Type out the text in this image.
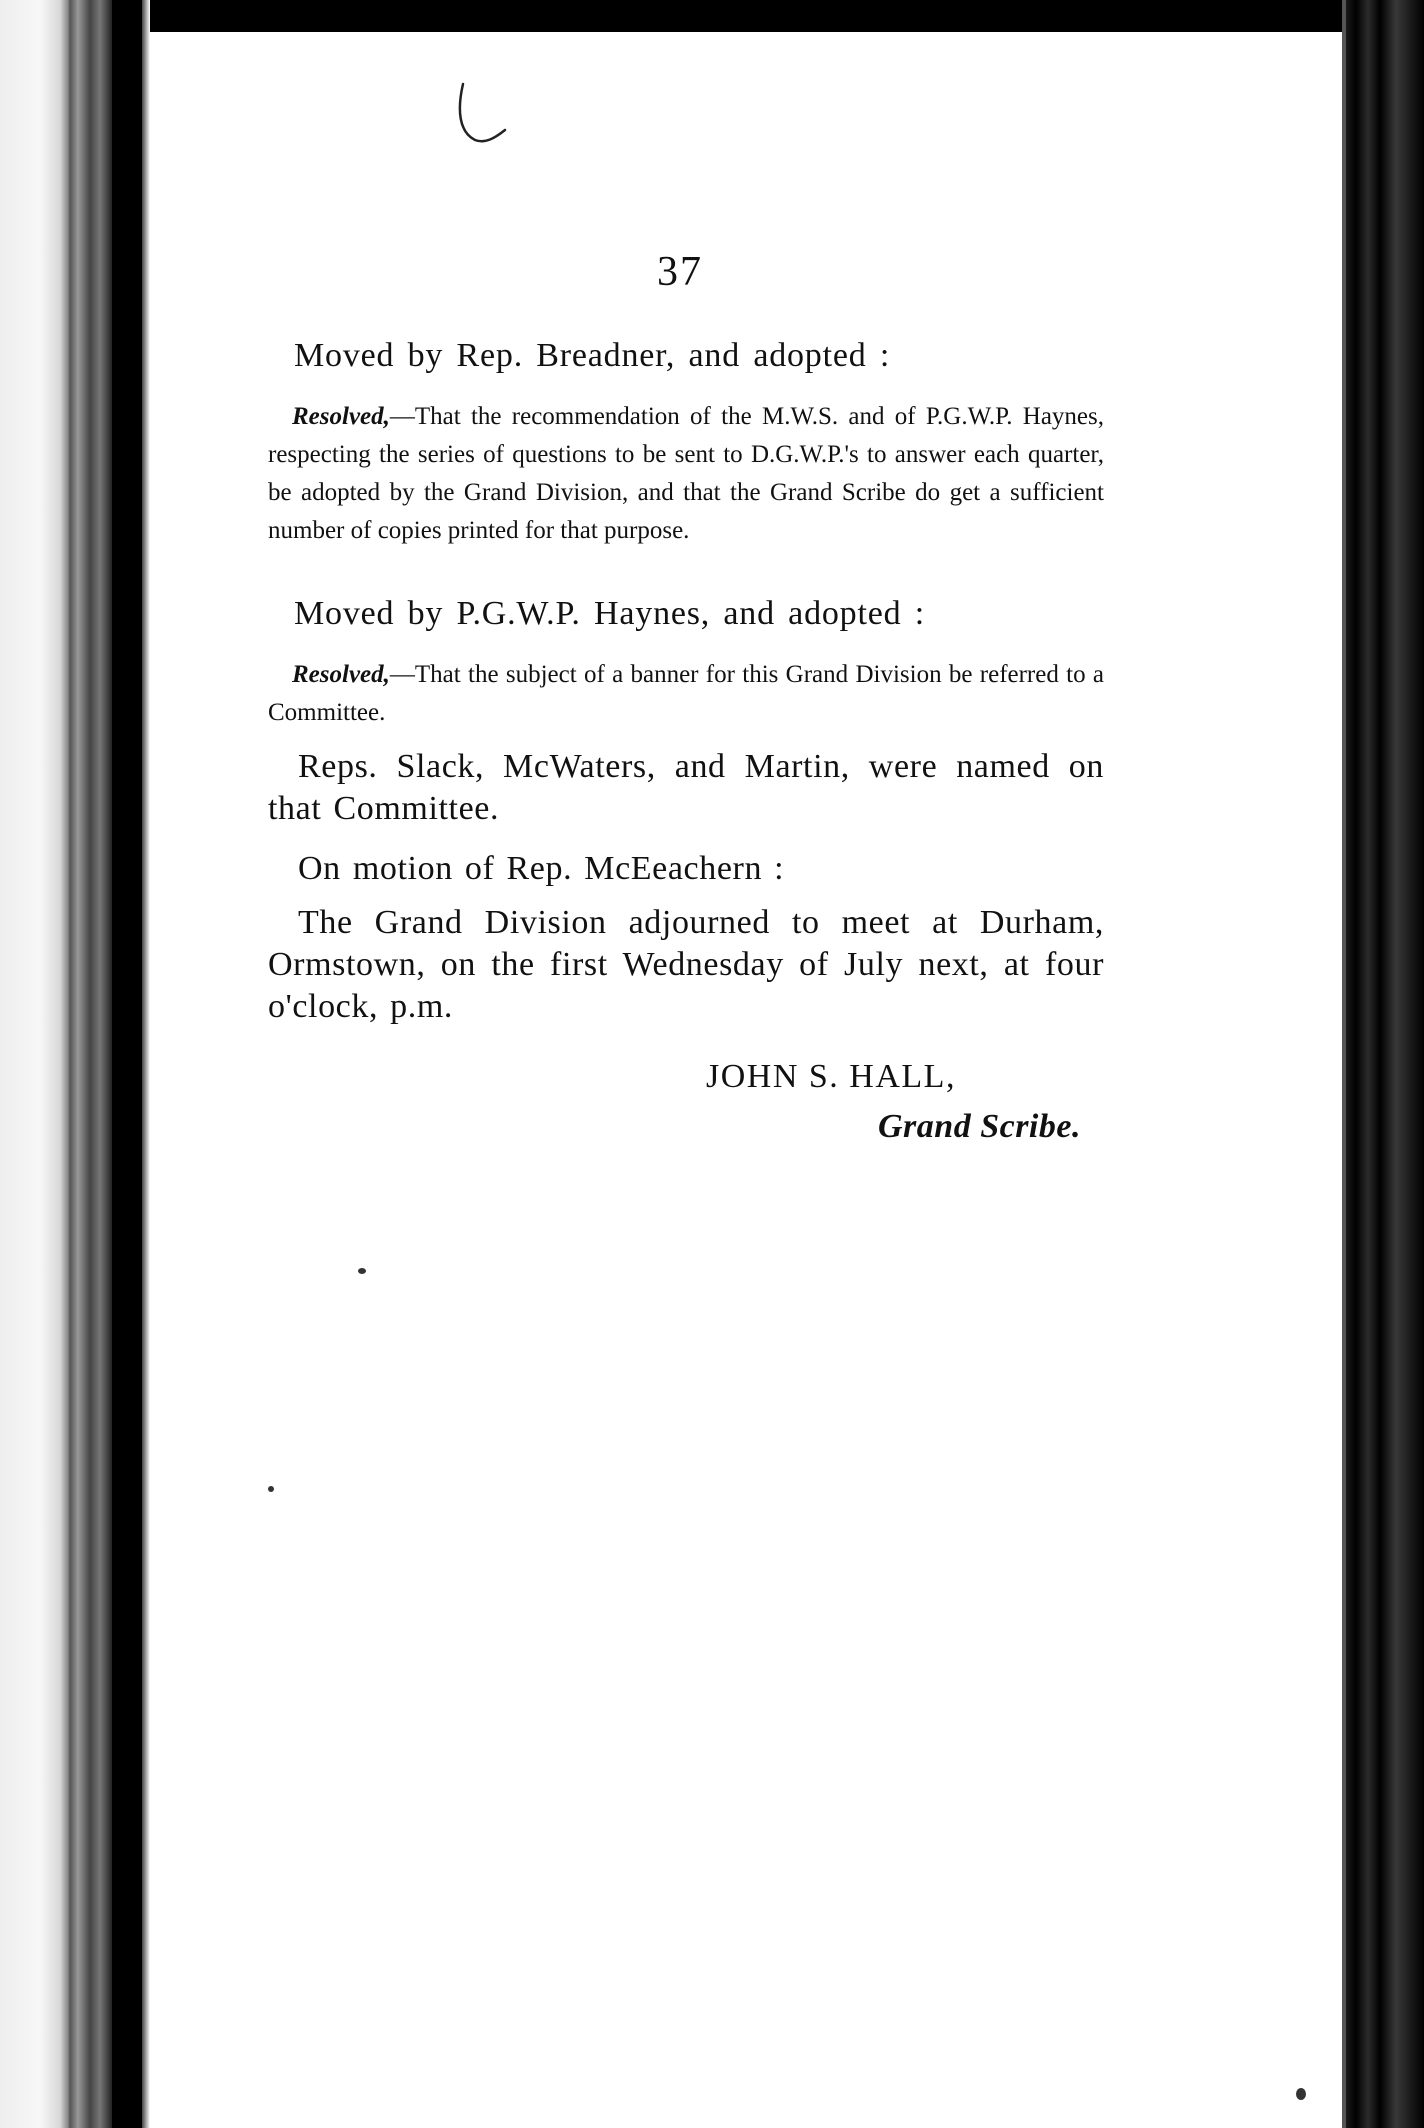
37

Moved by Rep. Breadner, and adopted :

Resolved,—That the recommendation of the M.W.S. and of P.G.W.P. Haynes, respecting the series of questions to be sent to D.G.W.P.'s to answer each quarter, be adopted by the Grand Division, and that the Grand Scribe do get a sufficient number of copies printed for that purpose.

Moved by P.G.W.P. Haynes, and adopted :

Resolved,—That the subject of a banner for this Grand Division be referred to a Committee.

Reps. Slack, McWaters, and Martin, were named on that Committee.

On motion of Rep. McEeachern :

The Grand Division adjourned to meet at Durham, Ormstown, on the first Wednesday of July next, at four o'clock, p.m.

JOHN S. HALL,
Grand Scribe.
